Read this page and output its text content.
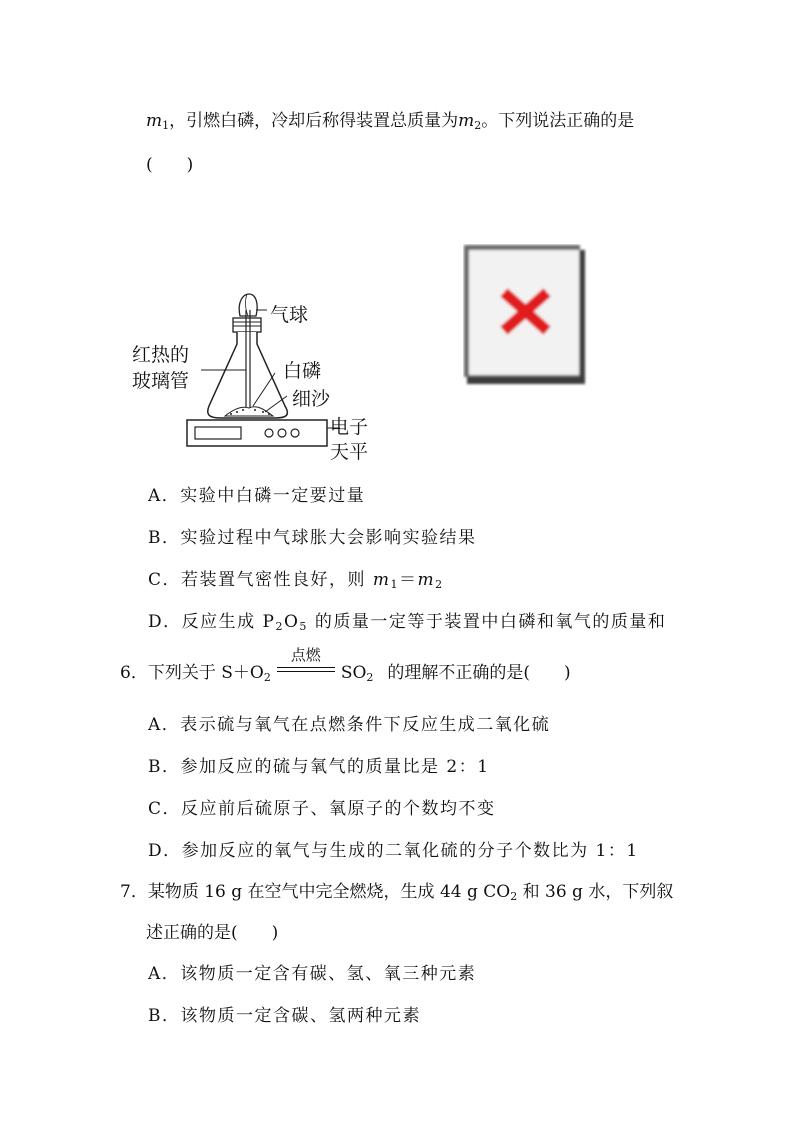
$m_1$，引燃白磷，冷却后称得装置总质量为$m_2$。下列说法正确的是
(　　)
气球
红热的
玻璃管	白磷
细沙
电子
天平
A．实验中白磷一定要过量
B．实验过程中气球胀大会影响实验结果
C．若装置气密性良好，则 $m_1=m_2$
D．反应生成 $P_2O_5$ 的质量一定等于装置中白磷和氧气的质量和
6．下列关于 $S+O_2$
点燃
$SO_2$ 的理解不正确的是(　　)
A．表示硫与氧气在点燃条件下反应生成二氧化硫
B．参加反应的硫与氧气的质量比是 2：1
C．反应前后硫原子、氧原子的个数均不变
D．参加反应的氧气与生成的二氧化硫的分子个数比为 1：1
7．某物质 16 g 在空气中完全燃烧，生成 44 g $CO_2$ 和 36 g 水，下列叙
述正确的是(　　)
A．该物质一定含有碳、氢、氧三种元素
B．该物质一定含碳、氢两种元素
